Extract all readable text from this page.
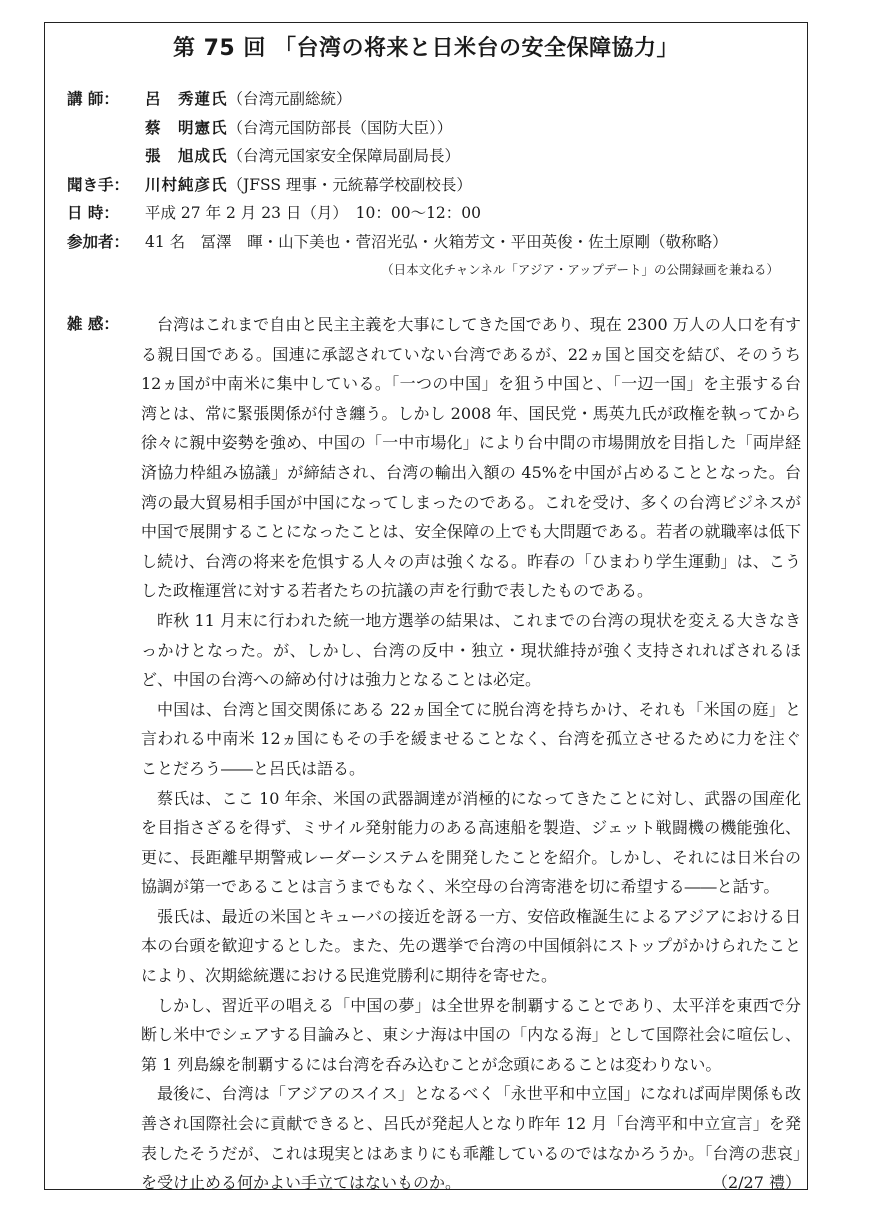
第 75 回 「台湾の将来と日米台の安全保障協力」
講 師：	呂　秀蓮氏 （台湾元副総統）
蔡　明憲氏 （台湾元国防部長（国防大臣））
張　旭成氏 （台湾元国家安全保障局副局長）
聞き手：	川村純彦氏 （JFSS 理事・元統幕学校副校長）
日 時：	平成 27 年 2 月 23 日（月）　10：00〜12：00
参加者：	41 名　冨澤　暉・山下美也・菅沼光弘・火箱芳文・平田英俊・佐土原剛（敬称略）
（日本文化チャンネル「アジア・アップデート」の公開録画を兼ねる）
雑 感：	台湾はこれまで自由と民主主義を大事にしてきた国であり、現在 2300 万人の人口を有する親日国である。国連に承認されていない台湾であるが、22ヵ国と国交を結び、そのうち 12ヵ国が中南米に集中している。「一つの中国」を狙う中国と、「一辺一国」を主張する台湾とは、常に緊張関係が付き纏う。しかし 2008 年、国民党・馬英九氏が政権を執ってから徐々に親中姿勢を強め、中国の「一中市場化」により台中間の市場開放を目指した「両岸経済協力枠組み協議」が締結され、台湾の輸出入額の 45%を中国が占めることとなった。台湾の最大貿易相手国が中国になってしまったのである。これを受け、多くの台湾ビジネスが中国で展開することになったことは、安全保障の上でも大問題である。若者の就職率は低下し続け、台湾の将来を危惧する人々の声は強くなる。昨春の「ひまわり学生運動」は、こうした政権運営に対する若者たちの抗議の声を行動で表したものである。

昨秋 11 月末に行われた統一地方選挙の結果は、これまでの台湾の現状を変える大きなきっかけとなった。が、しかし、台湾の反中・独立・現状維持が強く支持されればされるほど、中国の台湾への締め付けは強力となることは必定。

中国は、台湾と国交関係にある 22ヵ国全てに脱台湾を持ちかけ、それも「米国の庭」と言われる中南米 12ヵ国にもその手を緩ませることなく、台湾を孤立させるために力を注ぐことだろう――と呂氏は語る。

蔡氏は、ここ 10 年余、米国の武器調達が消極的になってきたことに対し、武器の国産化を目指さざるを得ず、ミサイル発射能力のある高速船を製造、ジェット戦闘機の機能強化、更に、長距離早期警戒レーダーシステムを開発したことを紹介。しかし、それには日米台の協調が第一であることは言うまでもなく、米空母の台湾寄港を切に希望する――と話す。

張氏は、最近の米国とキューバの接近を訝る一方、安倍政権誕生によるアジアにおける日本の台頭を歓迎するとした。また、先の選挙で台湾の中国傾斜にストップがかけられたことにより、次期総統選における民進党勝利に期待を寄せた。

しかし、習近平の唱える「中国の夢」は全世界を制覇することであり、太平洋を東西で分断し米中でシェアする目論みと、東シナ海は中国の「内なる海」として国際社会に喧伝し、第 1 列島線を制覇するには台湾を呑み込むことが念頭にあることは変わりない。

最後に、台湾は「アジアのスイス」となるべく「永世平和中立国」になれば両岸関係も改善され国際社会に貢献できると、呂氏が発起人となり昨年 12 月「台湾平和中立宣言」を発表したそうだが、これは現実とはあまりにも乖離しているのではなかろうか。「台湾の悲哀」を受け止める何かよい手立てはないものか。	（2/27 禮）
